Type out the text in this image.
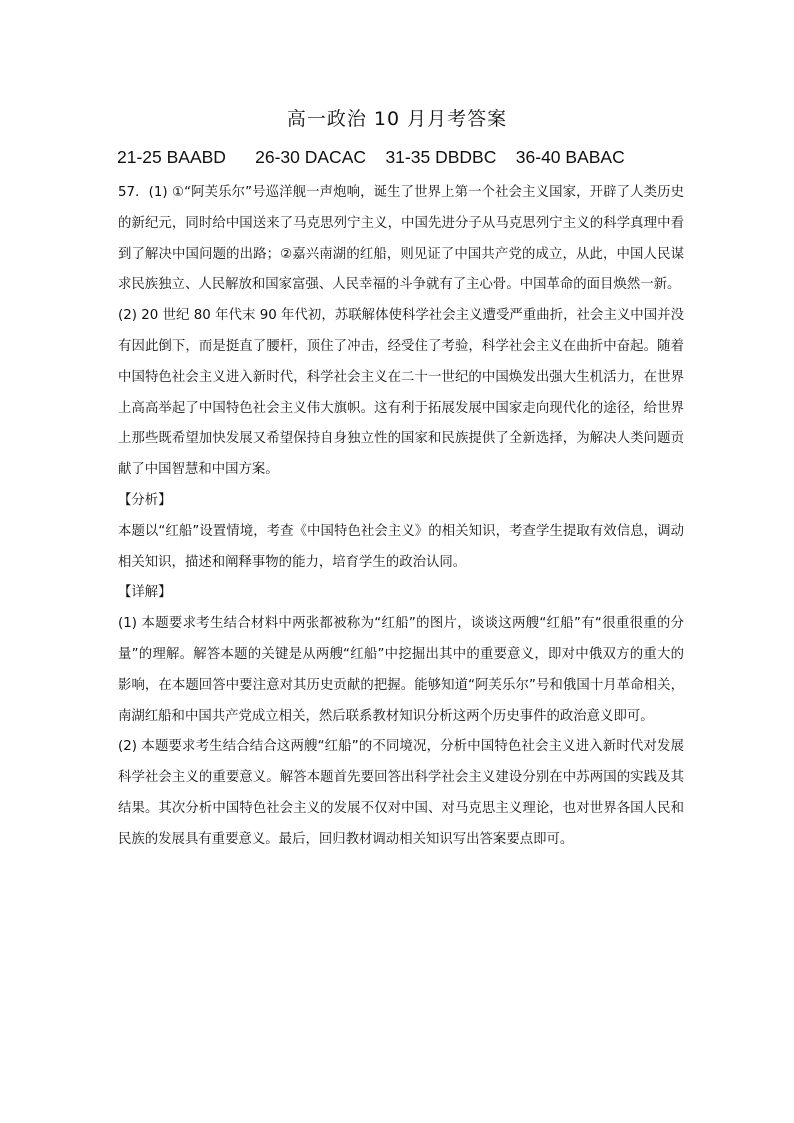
高一政治 10 月月考答案
21-25 BAABD      26-30 DACAC    31-35 DBDBC    36-40 BABAC

57．(1) ①“阿芙乐尔”号巡洋舰一声炮响，诞生了世界上第一个社会主义国家，开辟了人类历史的新纪元，同时给中国送来了马克思列宁主义，中国先进分子从马克思列宁主义的科学真理中看到了解决中国问题的出路；②嘉兴南湖的红船，则见证了中国共产党的成立，从此，中国人民谋求民族独立、人民解放和国家富强、人民幸福的斗争就有了主心骨。中国革命的面目焕然一新。

(2) 20 世纪 80 年代末 90 年代初，苏联解体使科学社会主义遭受严重曲折，社会主义中国并没有因此倒下，而是挺直了腰杆，顶住了冲击，经受住了考验，科学社会主义在曲折中奋起。随着中国特色社会主义进入新时代，科学社会主义在二十一世纪的中国焕发出强大生机活力，在世界上高高举起了中国特色社会主义伟大旗帜。这有利于拓展发展中国家走向现代化的途径，给世界上那些既希望加快发展又希望保持自身独立性的国家和民族提供了全新选择，为解决人类问题贡献了中国智慧和中国方案。

【分析】

本题以“红船”设置情境，考查《中国特色社会主义》的相关知识，考查学生提取有效信息，调动相关知识，描述和阐释事物的能力，培育学生的政治认同。

【详解】

(1) 本题要求考生结合材料中两张都被称为“红船”的图片，谈谈这两艘“红船”有“很重很重的分量”的理解。解答本题的关键是从两艘“红船”中挖掘出其中的重要意义，即对中俄双方的重大的影响，在本题回答中要注意对其历史贡献的把握。能够知道“阿芙乐尔”号和俄国十月革命相关，南湖红船和中国共产党成立相关，然后联系教材知识分析这两个历史事件的政治意义即可。

(2) 本题要求考生结合结合这两艘“红船”的不同境况，分析中国特色社会主义进入新时代对发展科学社会主义的重要意义。解答本题首先要回答出科学社会主义建设分别在中苏两国的实践及其结果。其次分析中国特色社会主义的发展不仅对中国、对马克思主义理论，也对世界各国人民和民族的发展具有重要意义。最后，回归教材调动相关知识写出答案要点即可。
